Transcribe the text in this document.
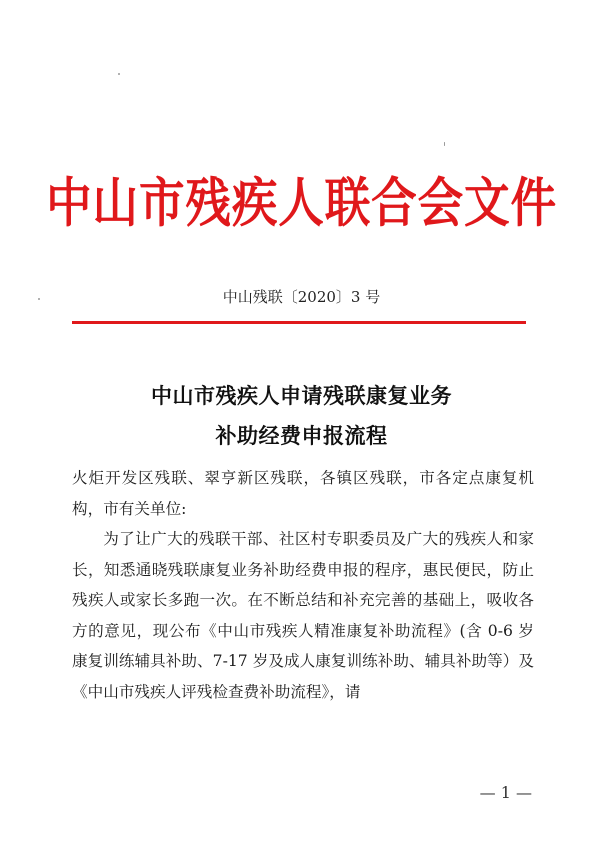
中山市残疾人联合会文件
中山残联〔2020〕3 号
中山市残疾人申请残联康复业务
补助经费申报流程

火炬开发区残联、翠亨新区残联，各镇区残联，市各定点康复机构，市有关单位:

为了让广大的残联干部、社区村专职委员及广大的残疾人和家长，知悉通晓残联康复业务补助经费申报的程序，惠民便民，防止残疾人或家长多跑一次。在不断总结和补充完善的基础上，吸收各方的意见，现公布《中山市残疾人精准康复补助流程》(含 0-6 岁康复训练辅具补助、7-17 岁及成人康复训练补助、辅具补助等）及《中山市残疾人评残检查费补助流程》，请

— 1 —
